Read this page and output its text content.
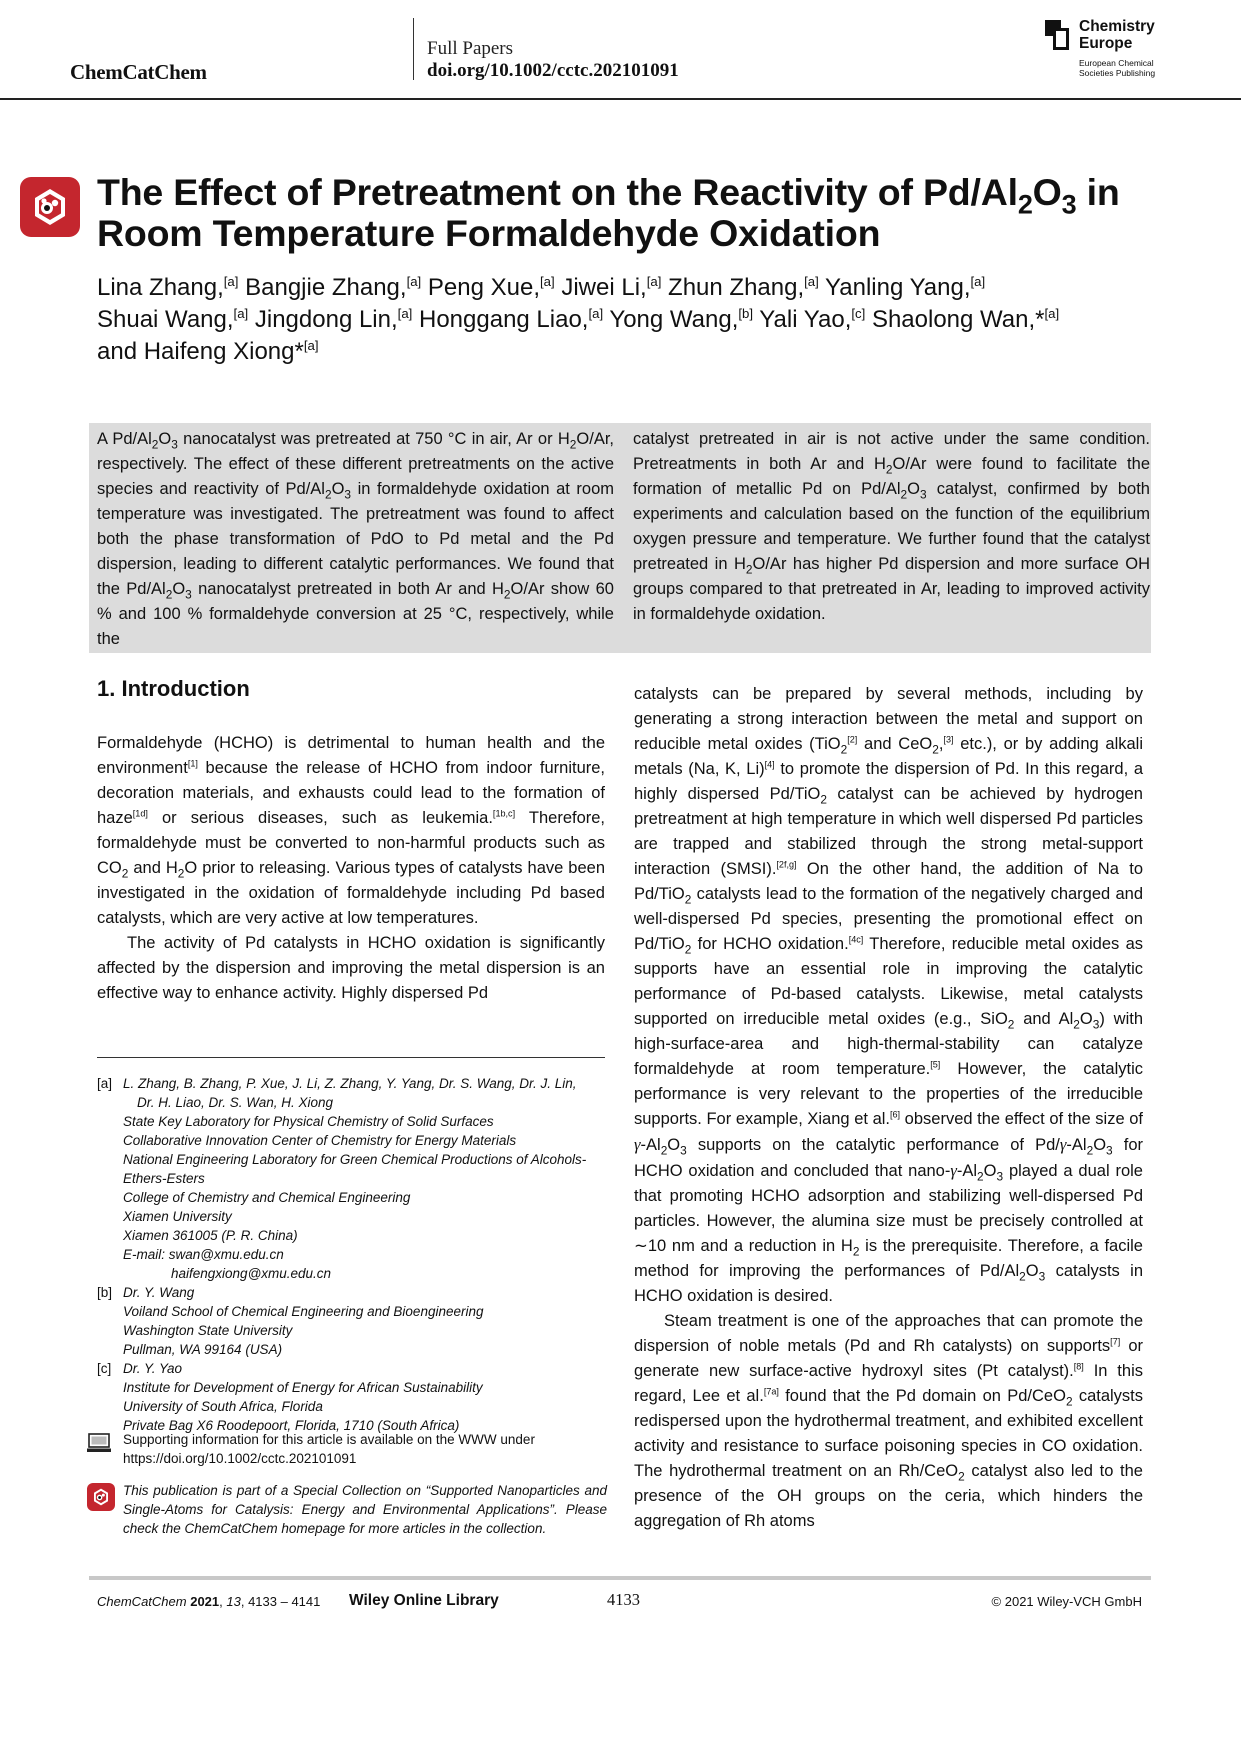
ChemCatChem
Full Papers
doi.org/10.1002/cctc.202101091
Chemistry
Europe
European Chemical
Societies Publishing
The Effect of Pretreatment on the Reactivity of $Pd/Al_2O_3$ in
Room Temperature Formaldehyde Oxidation

Lina Zhang,[a] Bangjie Zhang,[a] Peng Xue,[a] Jiwei Li,[a] Zhun Zhang,[a] Yanling Yang,[a]
Shuai Wang,[a] Jingdong Lin,[a] Honggang Liao,[a] Yong Wang,[b] Yali Yao,[c] Shaolong Wan,*[a]
and Haifeng Xiong*[a]

A $Pd/Al_2O_3$ nanocatalyst was pretreated at 750 °C in air, Ar or $H_2O/Ar$, respectively. The effect of these different pretreatments on the active species and reactivity of $Pd/Al_2O_3$ in formaldehyde oxidation at room temperature was investigated. The pretreatment was found to affect both the phase transformation of PdO to Pd metal and the Pd dispersion, leading to different catalytic performances. We found that the $Pd/Al_2O_3$ nanocatalyst pretreated in both Ar and $H_2O/Ar$ show 60 % and 100 % formaldehyde conversion at 25 °C, respectively, while the

catalyst pretreated in air is not active under the same condition. Pretreatments in both Ar and $H_2O/Ar$ were found to facilitate the formation of metallic Pd on $Pd/Al_2O_3$ catalyst, confirmed by both experiments and calculation based on the function of the equilibrium oxygen pressure and temperature. We further found that the catalyst pretreated in $H_2O/Ar$ has higher Pd dispersion and more surface OH groups compared to that pretreated in Ar, leading to improved activity in formaldehyde oxidation.

1. Introduction

Formaldehyde (HCHO) is detrimental to human health and the environment[1] because the release of HCHO from indoor furniture, decoration materials, and exhausts could lead to the formation of haze[1d] or serious diseases, such as leukemia.[1b,c] Therefore, formaldehyde must be converted to non-harmful products such as $CO_2$ and $H_2O$ prior to releasing. Various types of catalysts have been investigated in the oxidation of formaldehyde including Pd based catalysts, which are very active at low temperatures.

The activity of Pd catalysts in HCHO oxidation is significantly affected by the dispersion and improving the metal dispersion is an effective way to enhance activity. Highly dispersed Pd

catalysts can be prepared by several methods, including by generating a strong interaction between the metal and support on reducible metal oxides (TiO$_2$[2] and CeO$_2$,[3] etc.), or by adding alkali metals (Na, K, Li)[4] to promote the dispersion of Pd. In this regard, a highly dispersed Pd/TiO$_2$ catalyst can be achieved by hydrogen pretreatment at high temperature in which well dispersed Pd particles are trapped and stabilized through the strong metal-support interaction (SMSI).[2f,g] On the other hand, the addition of Na to Pd/TiO$_2$ catalysts lead to the formation of the negatively charged and well-dispersed Pd species, presenting the promotional effect on Pd/TiO$_2$ for HCHO oxidation.[4c] Therefore, reducible metal oxides as supports have an essential role in improving the catalytic performance of Pd-based catalysts. Likewise, metal catalysts supported on irreducible metal oxides (e.g., SiO$_2$ and $Al_2O_3$) with high-surface-area and high-thermal-stability can catalyze formaldehyde at room temperature.[5] However, the catalytic performance is very relevant to the properties of the irreducible supports. For example, Xiang et al.[6] observed the effect of the size of $\gamma-Al_2O_3$ supports on the catalytic performance of $Pd/\gamma-Al_2O_3$ for HCHO oxidation and concluded that nano-$\gamma-Al_2O_3$ played a dual role that promoting HCHO adsorption and stabilizing well-dispersed Pd particles. However, the alumina size must be precisely controlled at ∼10 nm and a reduction in $H_2$ is the prerequisite. Therefore, a facile method for improving the performances of $Pd/Al_2O_3$ catalysts in HCHO oxidation is desired.

Steam treatment is one of the approaches that can promote the dispersion of noble metals (Pd and Rh catalysts) on supports[7] or generate new surface-active hydroxyl sites (Pt catalyst).[8] In this regard, Lee et al.[7a] found that the Pd domain on Pd/CeO$_2$ catalysts redispersed upon the hydrothermal treatment, and exhibited excellent activity and resistance to surface poisoning species in CO oxidation. The hydrothermal treatment on an Rh/CeO$_2$ catalyst also led to the presence of the OH groups on the ceria, which hinders the aggregation of Rh atoms

[a] L. Zhang, B. Zhang, P. Xue, J. Li, Z. Zhang, Y. Yang, Dr. S. Wang, Dr. J. Lin,
Dr. H. Liao, Dr. S. Wan, H. Xiong
State Key Laboratory for Physical Chemistry of Solid Surfaces
Collaborative Innovation Center of Chemistry for Energy Materials
National Engineering Laboratory for Green Chemical Productions of Alcohols-Ethers-Esters
College of Chemistry and Chemical Engineering
Xiamen University
Xiamen 361005 (P. R. China)
E-mail: swan@xmu.edu.cn
haifengxiong@xmu.edu.cn
[b] Dr. Y. Wang
Voiland School of Chemical Engineering and Bioengineering
Washington State University
Pullman, WA 99164 (USA)
[c] Dr. Y. Yao
Institute for Development of Energy for African Sustainability
University of South Africa, Florida
Private Bag X6 Roodepoort, Florida, 1710 (South Africa)
Supporting information for this article is available on the WWW under https://doi.org/10.1002/cctc.202101091
This publication is part of a Special Collection on “Supported Nanoparticles and Single-Atoms for Catalysis: Energy and Environmental Applications”. Please check the ChemCatChem homepage for more articles in the collection.
ChemCatChem 2021, 13, 4133 – 4141 Wiley Online Library	4133	© 2021 Wiley-VCH GmbH
